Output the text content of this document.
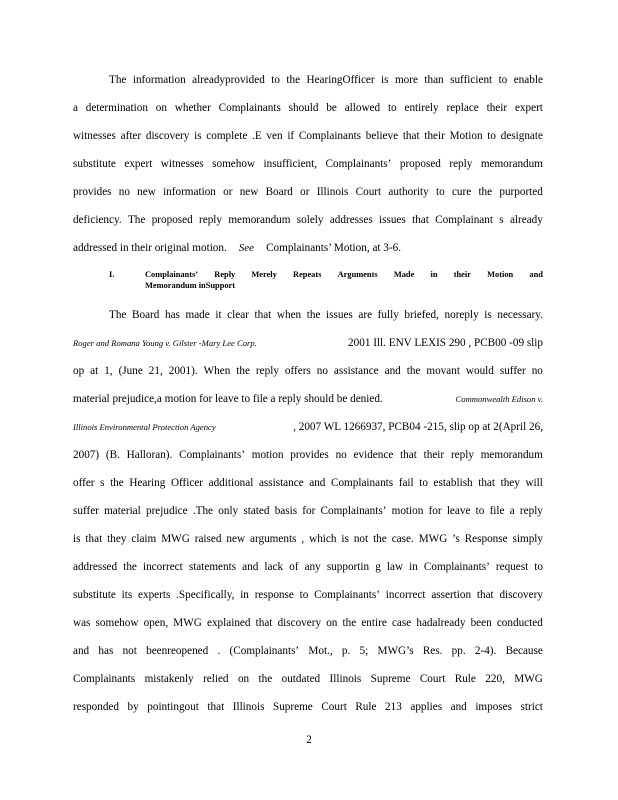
The information alreadyprovided to the HearingOfficer is more than sufficient to enable
a determination on whether Complainants should be allowed to entirely replace their expert
witnesses after discovery is complete .E ven if Complainants believe that their Motion to designate
substitute expert witnesses somehow insufficient, Complainants’ proposed reply memorandum
provides no new information or new Board or Illinois Court authority to cure the purported
deficiency. The proposed reply memorandum solely addresses issues that Complainant s already
addressed in their original motion. See Complainants’ Motion, at 3-6.
I.	Complainants’ Reply Merely Repeats Arguments Made in their Motion and
Memorandum inSupport
The Board has made it clear that when the issues are fully briefed, noreply is necessary.
Roger and Romana Young v. Gilster -Mary Lee Corp.	2001 Ill. ENV LEXIS 290 , PCB00 -09 slip
op at 1, (June 21, 2001). When the reply offers no assistance and the movant would suffer no
material prejudice,a motion for leave to file a reply should be denied.	Commonwealth Edison v.
Illinois Environmental Protection Agency	, 2007 WL 1266937, PCB04 -215, slip op at 2(April 26,
2007) (B. Halloran). Complainants’ motion provides no evidence that their reply memorandum
offer s the Hearing Officer additional assistance and Complainants fail to establish that they will
suffer material prejudice .The only stated basis for Complainants’ motion for leave to file a reply
is that they claim MWG raised new arguments , which is not the case. MWG ’s Response simply
addressed the incorrect statements and lack of any supportin g law in Complainants’ request to
substitute its experts .Specifically, in response to Complainants’ incorrect assertion that discovery
was somehow open, MWG explained that discovery on the entire case hadalready been conducted
and has not beenreopened . (Complainants’ Mot., p. 5; MWG’s Res. pp. 2-4). Because
Complainants mistakenly relied on the outdated Illinois Supreme Court Rule 220, MWG
responded by pointingout that Illinois Supreme Court Rule 213 applies and imposes strict
2
